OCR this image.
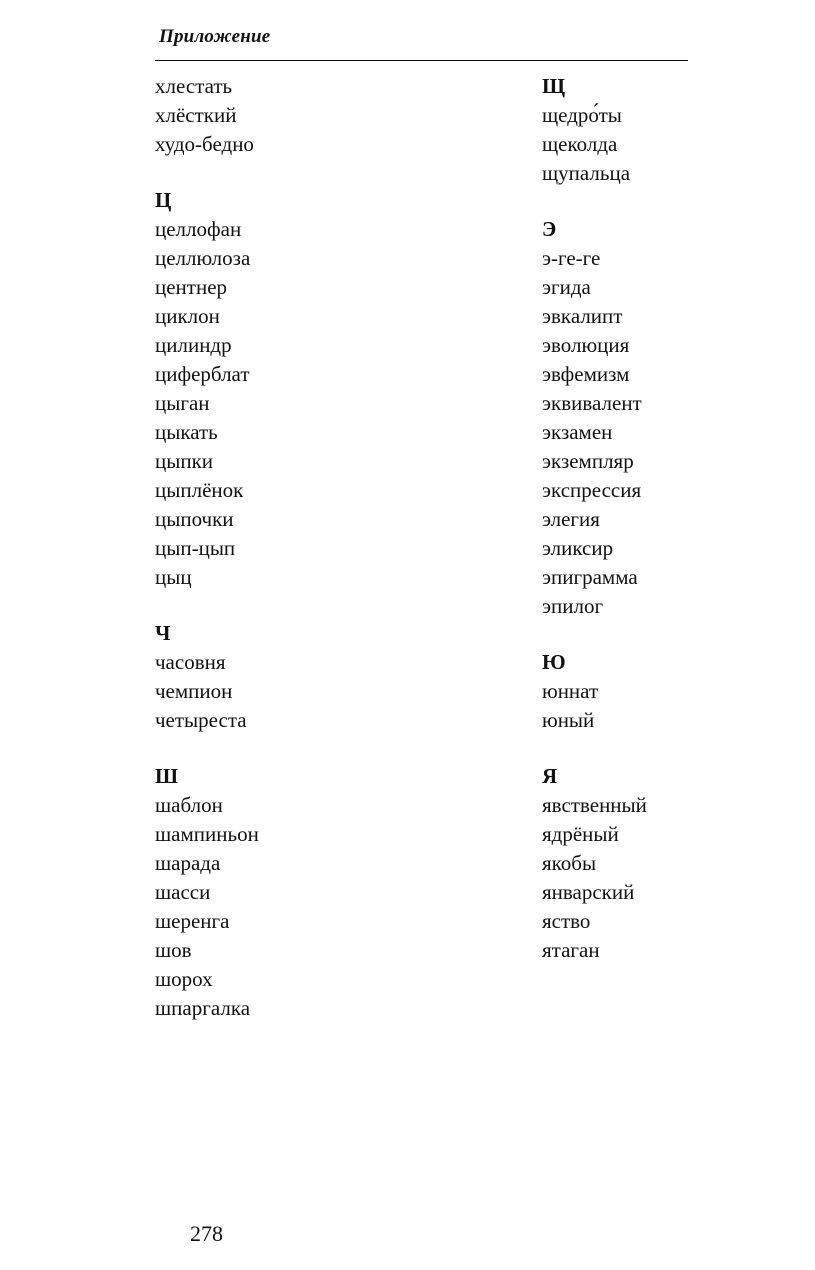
Приложение
хлестать
хлёсткий
худо-бедно
Ц
целлофан
целлюлоза
центнер
циклон
цилиндр
циферблат
цыган
цыкать
цыпки
цыплёнок
цыпочки
цып-цып
цыц
Ч
часовня
чемпион
четыреста
Ш
шаблон
шампиньон
шарада
шасси
шеренга
шов
шорох
шпаргалка
Щ
щедро́ты
щеколда
щупальца
Э
э-ге-ге
эгида
эвкалипт
эволюция
эвфемизм
эквивалент
экзамен
экземпляр
экспрессия
элегия
эликсир
эпиграмма
эпилог
Ю
юннат
юный
Я
явственный
ядрёный
якобы
январский
яство
ятаган
278
